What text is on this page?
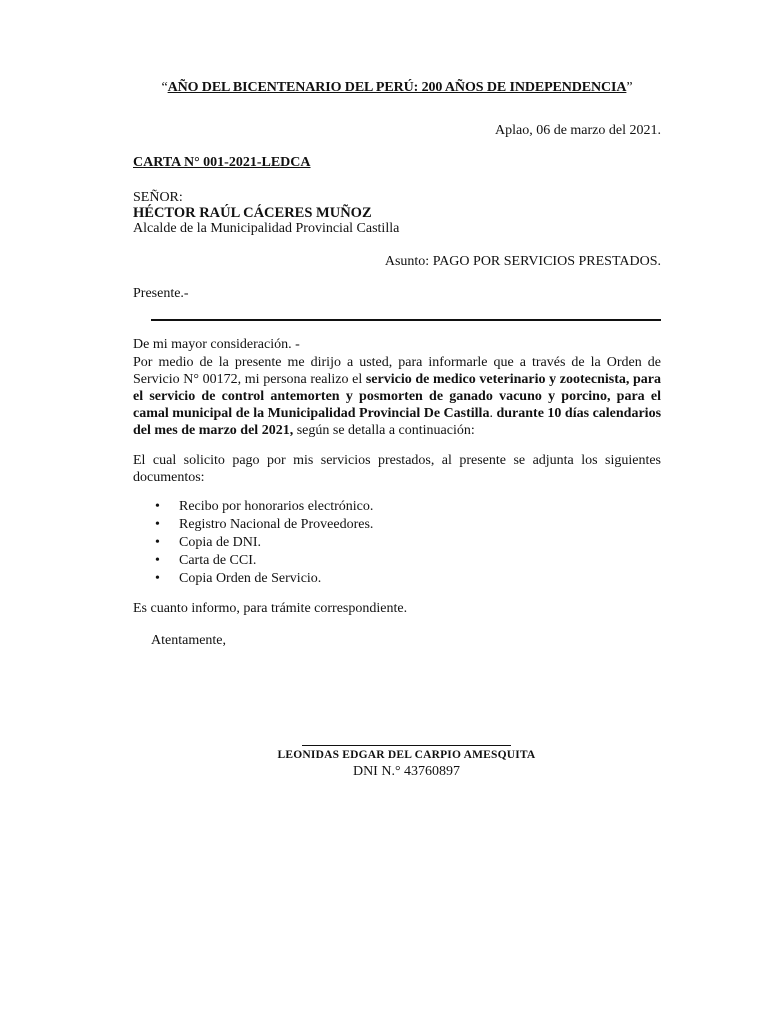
“AÑO DEL BICENTENARIO DEL PERÚ: 200 AÑOS DE INDEPENDENCIA”
Aplao, 06 de marzo del 2021.
CARTA N° 001-2021-LEDCA
SEÑOR:
HÉCTOR RAÚL CÁCERES MUÑOZ
Alcalde de la Municipalidad Provincial Castilla
Asunto: PAGO POR SERVICIOS PRESTADOS.
Presente.-
De mi mayor consideración. -
Por medio de la presente me dirijo a usted, para informarle que a través de la Orden de Servicio N° 00172, mi persona realizo el servicio de medico veterinario y zootecnista, para el servicio de control antemorten y posmorten de ganado vacuno y porcino, para el camal municipal de la Municipalidad Provincial De Castilla. durante 10 días calendarios del mes de marzo del 2021, según se detalla a continuación:
El cual solicito pago por mis servicios prestados, al presente se adjunta los siguientes documentos:
• Recibo por honorarios electrónico.
• Registro Nacional de Proveedores.
• Copia de DNI.
• Carta de CCI.
• Copia Orden de Servicio.
Es cuanto informo, para trámite correspondiente.
Atentamente,
LEONIDAS EDGAR DEL CARPIO AMESQUITA
DNI N.° 43760897
